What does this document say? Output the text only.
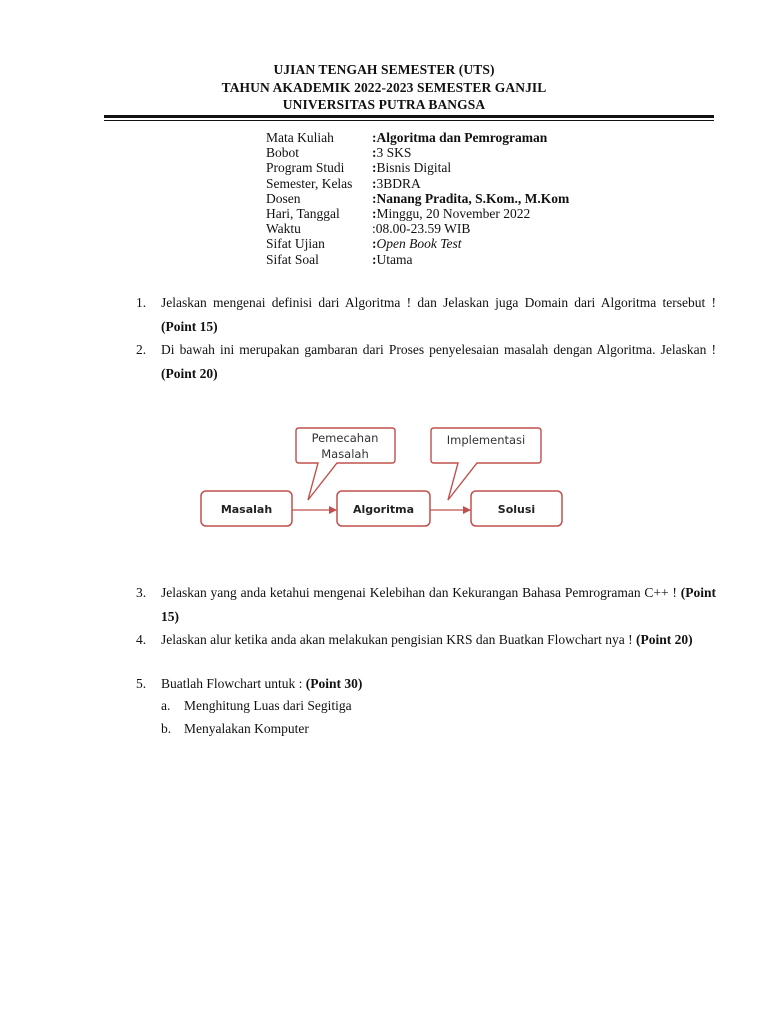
UJIAN TENGAH SEMESTER (UTS)
TAHUN AKADEMIK 2022-2023 SEMESTER GANJIL
UNIVERSITAS PUTRA BANGSA
Mata Kuliah	:Algoritma dan Pemrograman
Bobot	:3 SKS
Program Studi :Bisnis Digital
Semester, Kelas :3BDRA
Dosen	:Nanang Pradita, S.Kom., M.Kom
Hari, Tanggal :Minggu, 20 November 2022
Waktu	:08.00-23.59 WIB
Sifat Ujian	:Open Book Test
Sifat Soal	:Utama
1. Jelaskan mengenai definisi dari Algoritma ! dan Jelaskan juga Domain dari Algoritma tersebut ! (Point 15)
2. Di bawah ini merupakan gambaran dari Proses penyelesaian masalah dengan Algoritma. Jelaskan ! (Point 20)
Pemecahan
Masalah
Implementasi
Masalah	Algoritma	Solusi
3. Jelaskan yang anda ketahui mengenai Kelebihan dan Kekurangan Bahasa Pemrograman C++ ! (Point 15)
4. Jelaskan alur ketika anda akan melakukan pengisian KRS dan Buatkan Flowchart nya ! (Point 20)
5. Buatlah Flowchart untuk : (Point 30)
a. Menghitung Luas dari Segitiga
b. Menyalakan Komputer
